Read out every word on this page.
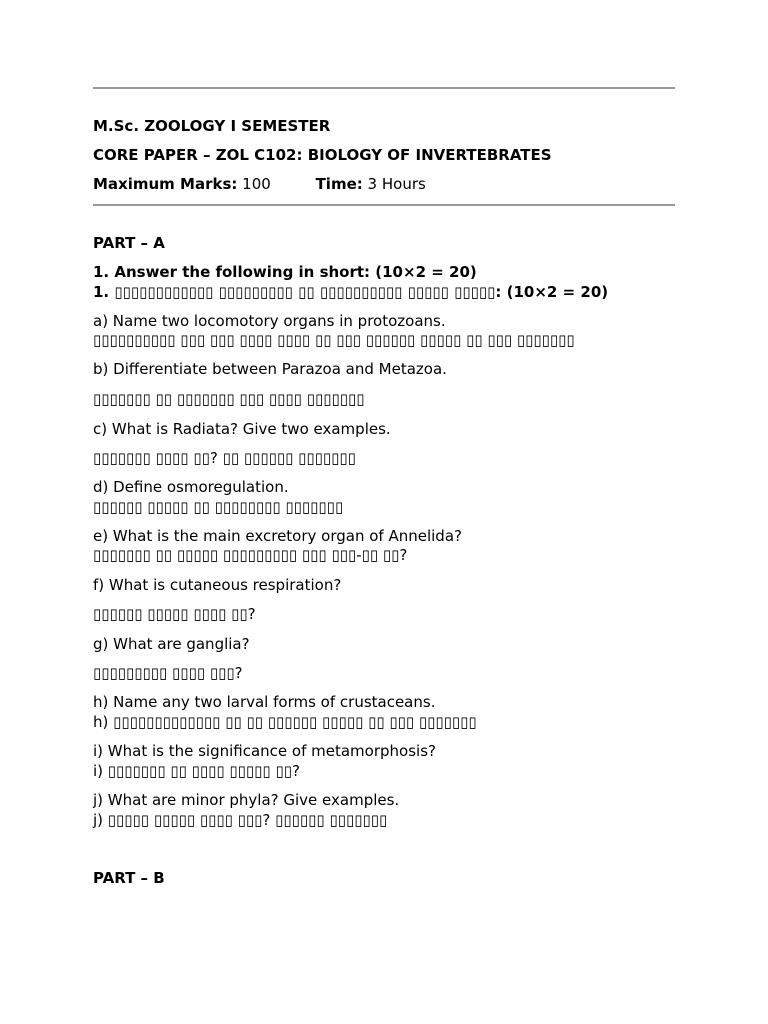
M.Sc. ZOOLOGY I SEMESTER
CORE PAPER – ZOL C102: BIOLOGY OF INVERTEBRATES
Maximum Marks: 100	Time: 3 Hours
PART – A
1. Answer the following in short: (10×2 = 20)
1. ▯▯▯▯▯▯▯▯▯▯▯▯ ▯▯▯▯▯▯▯▯▯ ▯▯ ▯▯▯▯▯▯▯▯▯▯ ▯▯▯▯▯ ▯▯▯▯▯: (10×2 = 20)
a) Name two locomotory organs in protozoans.
▯▯▯▯▯▯▯▯▯▯ ▯▯▯ ▯▯▯ ▯▯▯▯ ▯▯▯▯ ▯▯ ▯▯▯ ▯▯▯▯▯▯ ▯▯▯▯▯ ▯▯ ▯▯▯ ▯▯▯▯▯▯▯
b) Differentiate between Parazoa and Metazoa.
▯▯▯▯▯▯▯ ▯▯ ▯▯▯▯▯▯▯ ▯▯▯ ▯▯▯▯ ▯▯▯▯▯▯▯
c) What is Radiata? Give two examples.
▯▯▯▯▯▯▯ ▯▯▯▯ ▯▯? ▯▯ ▯▯▯▯▯▯ ▯▯▯▯▯▯▯
d) Define osmoregulation.
▯▯▯▯▯▯ ▯▯▯▯▯ ▯▯ ▯▯▯▯▯▯▯▯ ▯▯▯▯▯▯▯
e) What is the main excretory organ of Annelida?
▯▯▯▯▯▯▯ ▯▯ ▯▯▯▯▯ ▯▯▯▯▯▯▯▯▯ ▯▯▯ ▯▯▯-▯▯ ▯▯?
f) What is cutaneous respiration?
▯▯▯▯▯▯ ▯▯▯▯▯ ▯▯▯▯ ▯▯?
g) What are ganglia?
▯▯▯▯▯▯▯▯▯ ▯▯▯▯ ▯▯▯?
h) Name any two larval forms of crustaceans.
h) ▯▯▯▯▯▯▯▯▯▯▯▯▯ ▯▯ ▯▯ ▯▯▯▯▯▯ ▯▯▯▯▯ ▯▯ ▯▯▯ ▯▯▯▯▯▯▯
i) What is the significance of metamorphosis?
i) ▯▯▯▯▯▯▯ ▯▯ ▯▯▯▯ ▯▯▯▯▯ ▯▯?
j) What are minor phyla? Give examples.
j) ▯▯▯▯▯ ▯▯▯▯▯ ▯▯▯▯ ▯▯▯? ▯▯▯▯▯▯ ▯▯▯▯▯▯▯
PART – B
